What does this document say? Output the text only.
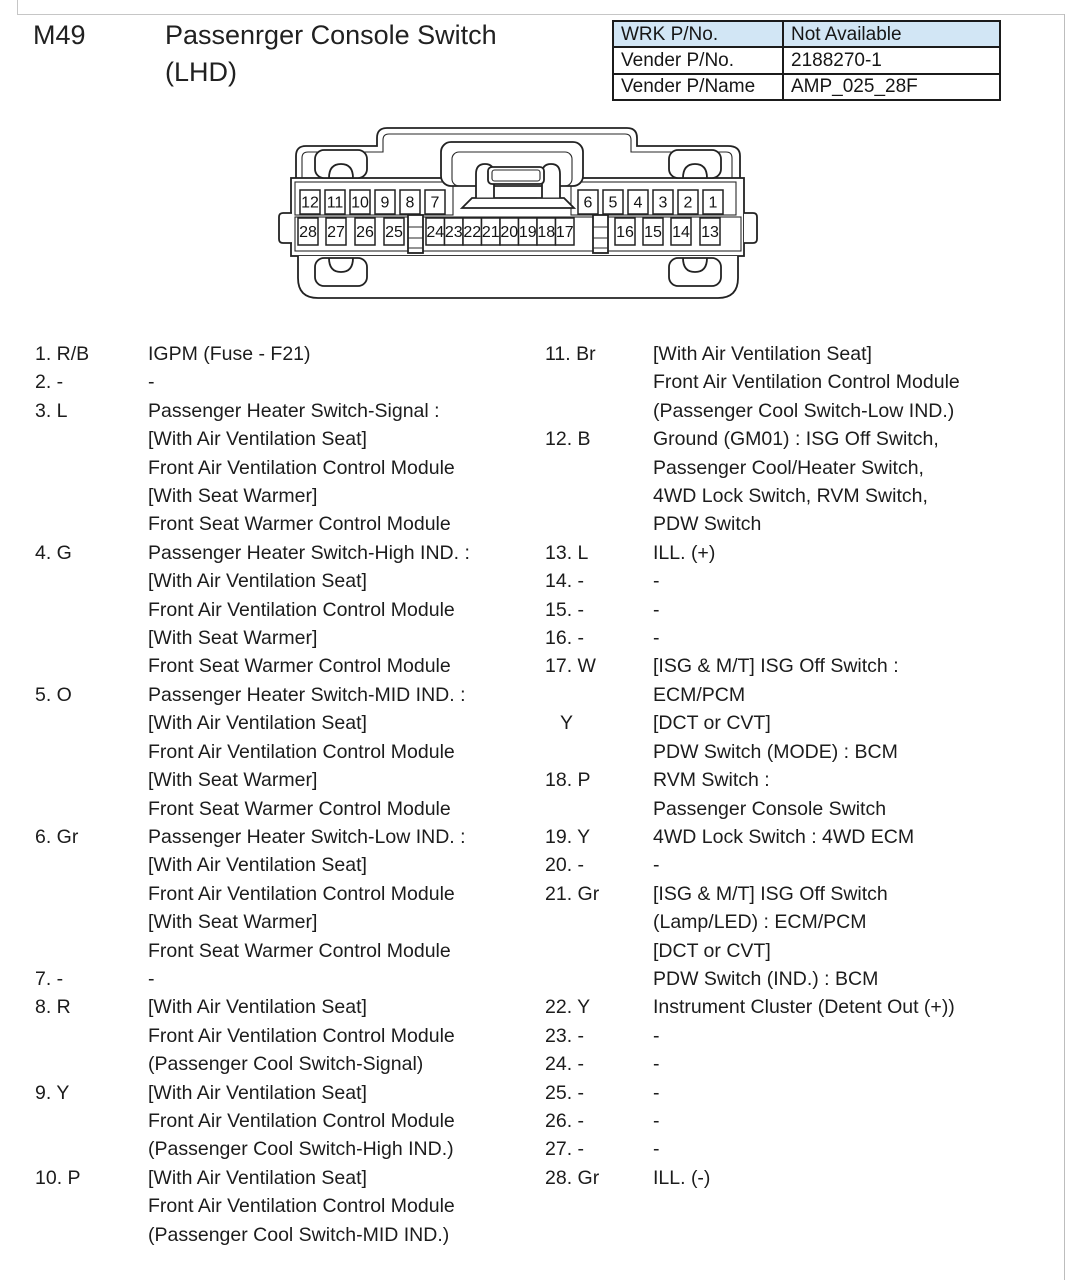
M49	Passenrger Console Switch
(LHD)
WRK P/No.	Not Available
Vender P/No.	2188270-1
Vender P/Name	AMP_025_28F
12 11 10 9 8 7	6 5 4 3 2 1
28 27 26 25 24 23 22 21 20 19 18 17	16 15 14 13
1. R/B	IGPM (Fuse - F21)
2. -	-
3. L	Passenger Heater Switch-Signal :
[With Air Ventilation Seat]
Front Air Ventilation Control Module
[With Seat Warmer]
Front Seat Warmer Control Module
4. G	Passenger Heater Switch-High IND. :
[With Air Ventilation Seat]
Front Air Ventilation Control Module
[With Seat Warmer]
Front Seat Warmer Control Module
5. O	Passenger Heater Switch-MID IND. :
[With Air Ventilation Seat]
Front Air Ventilation Control Module
[With Seat Warmer]
Front Seat Warmer Control Module
6. Gr	Passenger Heater Switch-Low IND. :
[With Air Ventilation Seat]
Front Air Ventilation Control Module
[With Seat Warmer]
Front Seat Warmer Control Module
7. -	-
8. R	[With Air Ventilation Seat]
Front Air Ventilation Control Module
(Passenger Cool Switch-Signal)
9. Y	[With Air Ventilation Seat]
Front Air Ventilation Control Module
(Passenger Cool Switch-High IND.)
10. P	[With Air Ventilation Seat]
Front Air Ventilation Control Module
(Passenger Cool Switch-MID IND.)
11. Br	[With Air Ventilation Seat]
Front Air Ventilation Control Module
(Passenger Cool Switch-Low IND.)
12. B	Ground (GM01) : ISG Off Switch,
Passenger Cool/Heater Switch,
4WD Lock Switch, RVM Switch,
PDW Switch
13. L	ILL. (+)
14. -	-
15. -	-
16. -	-
17. W	[ISG & M/T] ISG Off Switch :
ECM/PCM
Y	[DCT or CVT]
PDW Switch (MODE) : BCM
18. P	RVM Switch :
Passenger Console Switch
19. Y	4WD Lock Switch : 4WD ECM
20. -	-
21. Gr	[ISG & M/T] ISG Off Switch
(Lamp/LED) : ECM/PCM
[DCT or CVT]
PDW Switch (IND.) : BCM
22. Y	Instrument Cluster (Detent Out (+))
23. -	-
24. -	-
25. -	-
26. -	-
27. -	-
28. Gr	ILL. (-)
